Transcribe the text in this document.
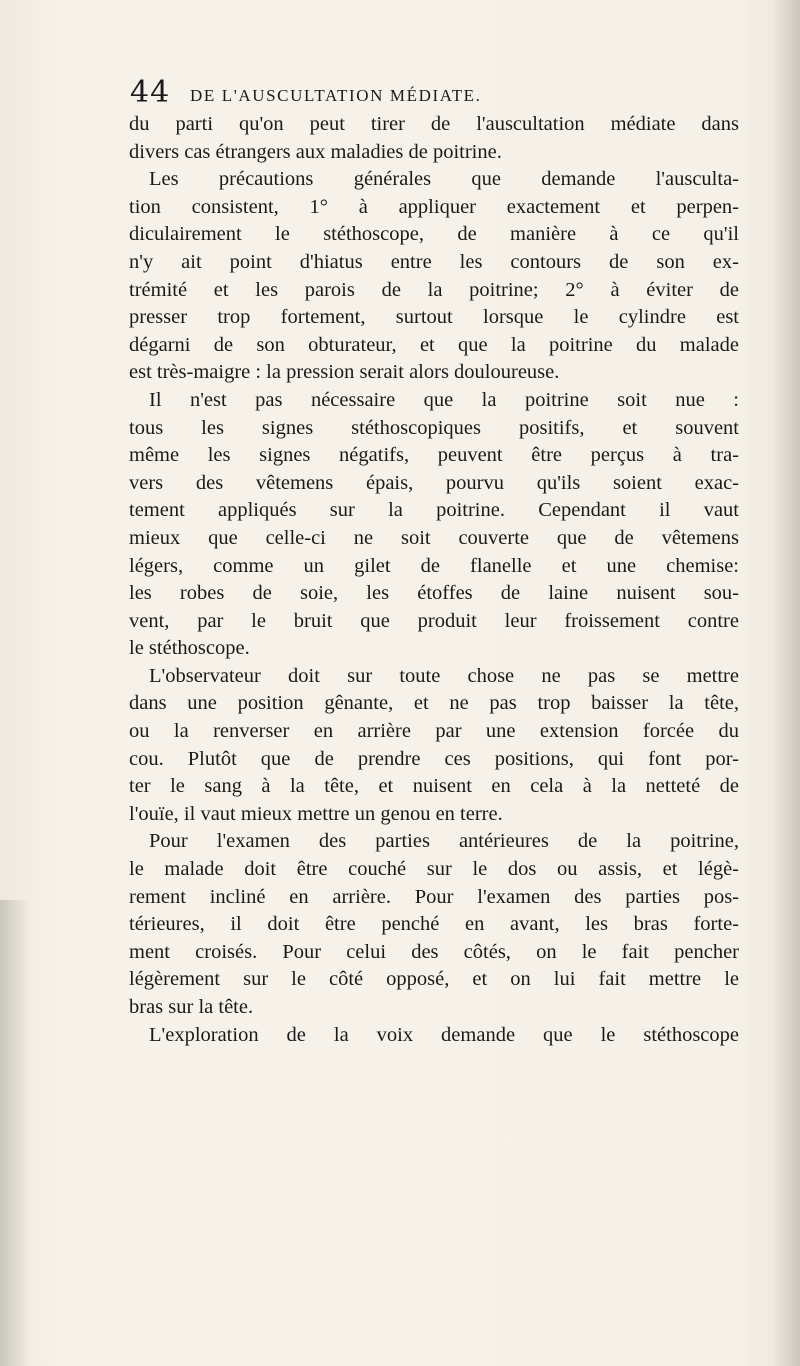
44 DE L'AUSCULTATION MÉDIATE.
du parti qu'on peut tirer de l'auscultation médiate dans
divers cas étrangers aux maladies de poitrine.
Les précautions générales que demande l'ausculta-
tion consistent, 1° à appliquer exactement et perpen-
diculairement le stéthoscope, de manière à ce qu'il
n'y ait point d'hiatus entre les contours de son ex-
trémité et les parois de la poitrine; 2° à éviter de
presser trop fortement, surtout lorsque le cylindre est
dégarni de son obturateur, et que la poitrine du malade
est très-maigre : la pression serait alors douloureuse.
Il n'est pas nécessaire que la poitrine soit nue :
tous les signes stéthoscopiques positifs, et souvent
même les signes négatifs, peuvent être perçus à tra-
vers des vêtemens épais, pourvu qu'ils soient exac-
tement appliqués sur la poitrine. Cependant il vaut
mieux que celle-ci ne soit couverte que de vêtemens
légers, comme un gilet de flanelle et une chemise:
les robes de soie, les étoffes de laine nuisent sou-
vent, par le bruit que produit leur froissement contre
le stéthoscope.
L'observateur doit sur toute chose ne pas se mettre
dans une position gênante, et ne pas trop baisser la tête,
ou la renverser en arrière par une extension forcée du
cou. Plutôt que de prendre ces positions, qui font por-
ter le sang à la tête, et nuisent en cela à la netteté de
l'ouïe, il vaut mieux mettre un genou en terre.
Pour l'examen des parties antérieures de la poitrine,
le malade doit être couché sur le dos ou assis, et légè-
rement incliné en arrière. Pour l'examen des parties pos-
térieures, il doit être penché en avant, les bras forte-
ment croisés. Pour celui des côtés, on le fait pencher
légèrement sur le côté opposé, et on lui fait mettre le
bras sur la tête.
L'exploration de la voix demande que le stéthoscope
